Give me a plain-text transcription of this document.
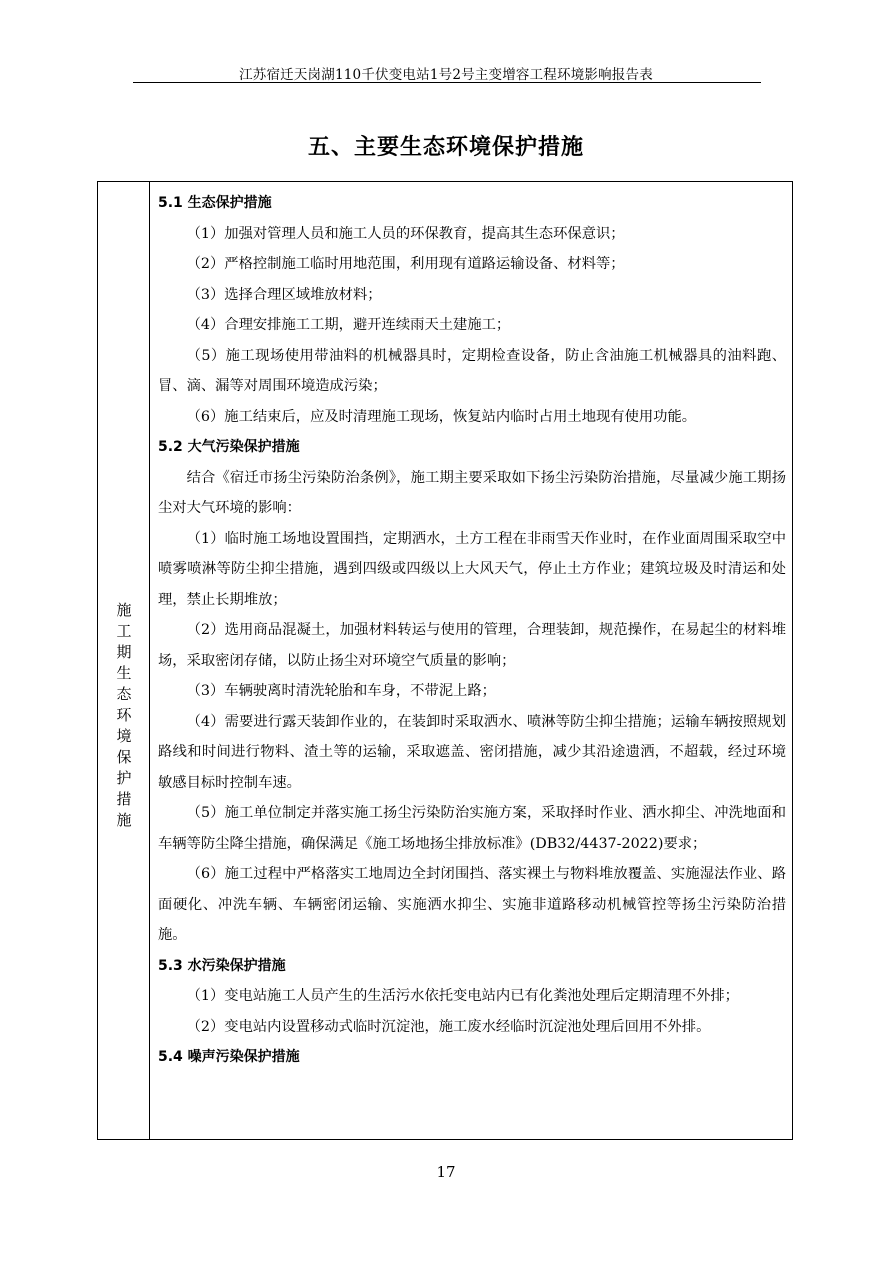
江苏宿迁天岗湖110千伏变电站1号2号主变增容工程环境影响报告表
五、主要生态环境保护措施
施工期生态环境保护措施

5.1 生态保护措施

（1）加强对管理人员和施工人员的环保教育，提高其生态环保意识；

（2）严格控制施工临时用地范围，利用现有道路运输设备、材料等；

（3）选择合理区域堆放材料；

（4）合理安排施工工期，避开连续雨天土建施工；

（5）施工现场使用带油料的机械器具时，定期检查设备，防止含油施工机械器具的油料跑、冒、滴、漏等对周围环境造成污染；

（6）施工结束后，应及时清理施工现场，恢复站内临时占用土地现有使用功能。

5.2 大气污染保护措施

结合《宿迁市扬尘污染防治条例》，施工期主要采取如下扬尘污染防治措施，尽量减少施工期扬尘对大气环境的影响：

（1）临时施工场地设置围挡，定期洒水，土方工程在非雨雪天作业时，在作业面周围采取空中喷雾喷淋等防尘抑尘措施，遇到四级或四级以上大风天气，停止土方作业；建筑垃圾及时清运和处理，禁止长期堆放；

（2）选用商品混凝土，加强材料转运与使用的管理，合理装卸，规范操作，在易起尘的材料堆场，采取密闭存储，以防止扬尘对环境空气质量的影响；

（3）车辆驶离时清洗轮胎和车身，不带泥上路；

（4）需要进行露天装卸作业的，在装卸时采取洒水、喷淋等防尘抑尘措施；运输车辆按照规划路线和时间进行物料、渣土等的运输，采取遮盖、密闭措施，减少其沿途遗洒，不超载，经过环境敏感目标时控制车速。

（5）施工单位制定并落实施工扬尘污染防治实施方案，采取择时作业、洒水抑尘、冲洗地面和车辆等防尘降尘措施，确保满足《施工场地扬尘排放标准》(DB32/4437-2022)要求；

（6）施工过程中严格落实工地周边全封闭围挡、落实裸土与物料堆放覆盖、实施湿法作业、路面硬化、冲洗车辆、车辆密闭运输、实施洒水抑尘、实施非道路移动机械管控等扬尘污染防治措施。

5.3 水污染保护措施

（1）变电站施工人员产生的生活污水依托变电站内已有化粪池处理后定期清理不外排；

（2）变电站内设置移动式临时沉淀池，施工废水经临时沉淀池处理后回用不外排。

5.4 噪声污染保护措施

17
